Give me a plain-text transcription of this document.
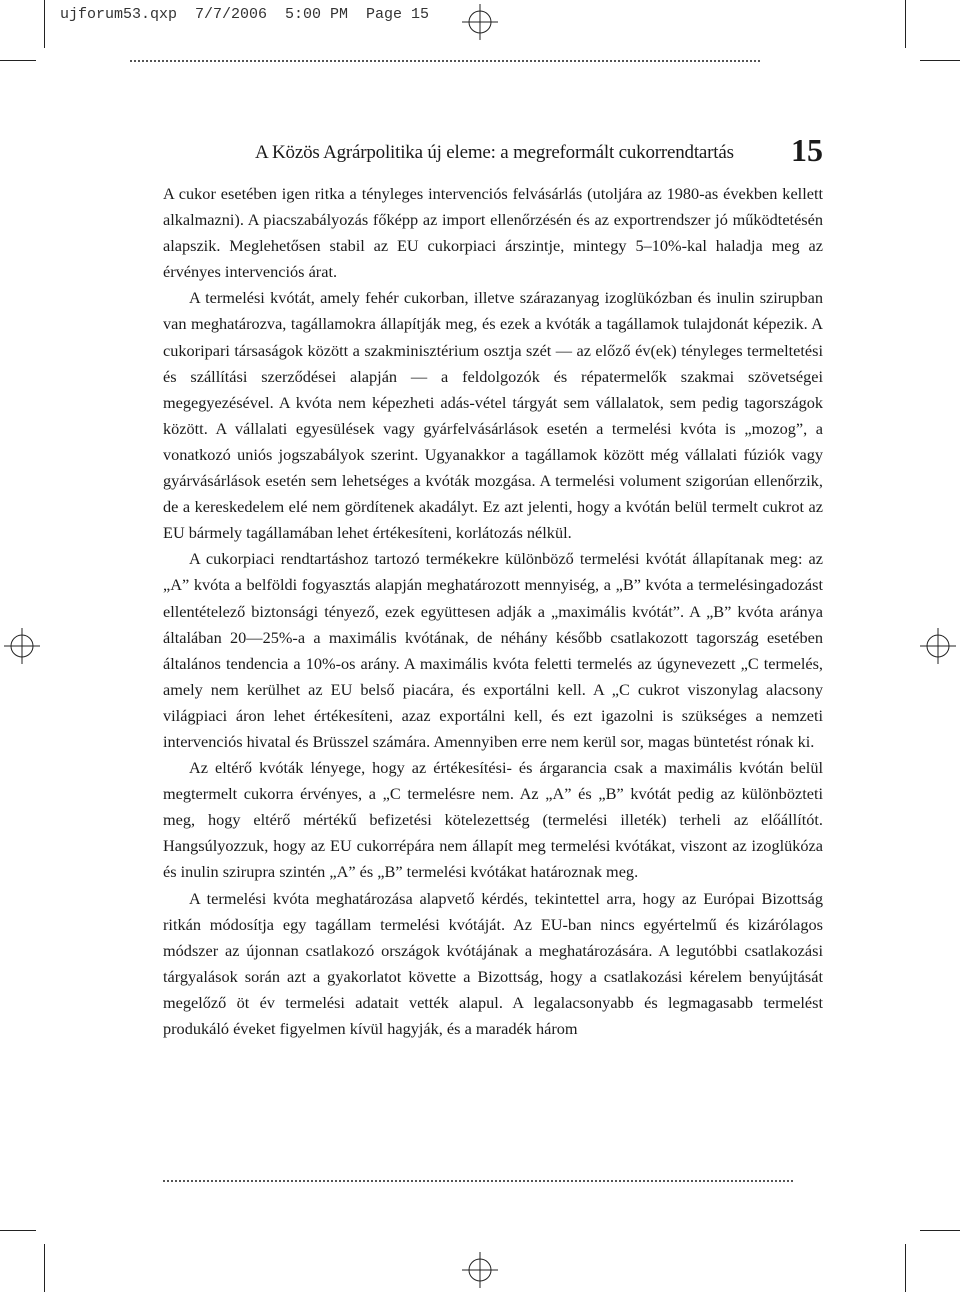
ujforum53.qxp  7/7/2006  5:00 PM  Page 15
A Közös Agrárpolitika új eleme: a megreformált cukorrendtartás 15

A cukor esetében igen ritka a tényleges intervenciós felvásárlás (utoljára az 1980-as években kellett alkalmazni). A piacszabályozás főképp az import ellenőrzésén és az exportrendszer jó működtetésén alapszik. Meglehetősen stabil az EU cukorpiaci árszintje, mintegy 5–10%-kal haladja meg az érvényes intervenciós árat.

A termelési kvótát, amely fehér cukorban, illetve szárazanyag izoglükózban és inulin szirupban van meghatározva, tagállamokra állapítják meg, és ezek a kvóták a tagállamok tulajdonát képezik. A cukoripari társaságok között a szakminisztérium osztja szét — az előző év(ek) tényleges termeltetési és szállítási szerződései alapján — a feldolgozók és répatermelők szakmai szövetségei megegyezésével. A kvóta nem képezheti adás-vétel tárgyát sem vállalatok, sem pedig tagországok között. A vállalati egyesülések vagy gyárfelvásárlások esetén a termelési kvóta is „mozog”, a vonatkozó uniós jogszabályok szerint. Ugyanakkor a tagállamok között még vállalati fúziók vagy gyárvásárlások esetén sem lehetséges a kvóták mozgása. A termelési volument szigorúan ellenőrzik, de a kereskedelem elé nem gördítenek akadályt. Ez azt jelenti, hogy a kvótán belül termelt cukrot az EU bármely tagállamában lehet értékesíteni, korlátozás nélkül.

A cukorpiaci rendtartáshoz tartozó termékekre különböző termelési kvótát állapítanak meg: az „A” kvóta a belföldi fogyasztás alapján meghatározott mennyiség, a „B” kvóta a termelésingadozást ellentételező biztonsági tényező, ezek együttesen adják a „maximális kvótát”. A „B” kvóta aránya általában 20—25%-a a maximális kvótának, de néhány később csatlakozott tagország esetében általános tendencia a 10%-os arány. A maximális kvóta feletti termelés az úgynevezett „C termelés, amely nem kerülhet az EU belső piacára, és exportálni kell. A „C cukrot viszonylag alacsony világpiaci áron lehet értékesíteni, azaz exportálni kell, és ezt igazolni is szükséges a nemzeti intervenciós hivatal és Brüsszel számára. Amennyiben erre nem kerül sor, magas büntetést rónak ki.

Az eltérő kvóták lényege, hogy az értékesítési- és árgarancia csak a maximális kvótán belül megtermelt cukorra érvényes, a „C termelésre nem. Az „A” és „B” kvótát pedig az különbözteti meg, hogy eltérő mértékű befizetési kötelezettség (termelési illeték) terheli az előállítót. Hangsúlyozzuk, hogy az EU cukorrépára nem állapít meg termelési kvótákat, viszont az izoglükóza és inulin szirupra szintén „A” és „B” termelési kvótákat határoznak meg.

A termelési kvóta meghatározása alapvető kérdés, tekintettel arra, hogy az Európai Bizottság ritkán módosítja egy tagállam termelési kvótáját. Az EU-ban nincs egyértelmű és kizárólagos módszer az újonnan csatlakozó országok kvótájának a meghatározására. A legutóbbi csatlakozási tárgyalások során azt a gyakorlatot követte a Bizottság, hogy a csatlakozási kérelem benyújtását megelőző öt év termelési adatait vették alapul. A legalacsonyabb és legmagasabb termelést produkáló éveket figyelmen kívül hagyják, és a maradék három
